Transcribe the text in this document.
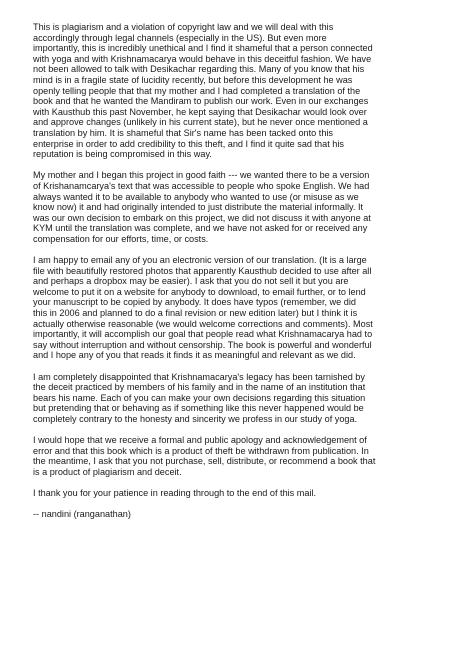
This is plagiarism and a violation of copyright law and we will deal with this
accordingly through legal channels (especially in the US). But even more
importantly, this is incredibly unethical and I find it shameful that a person connected
with yoga and with Krishnamacarya would behave in this deceitful fashion. We have
not been allowed to talk with Desikachar regarding this. Many of you know that his
mind is in a fragile state of lucidity recently, but before this development he was
openly telling people that that my mother and I had completed a translation of the
book and that he wanted the Mandiram to publish our work. Even in our exchanges
with Kausthub this past November, he kept saying that Desikachar would look over
and approve changes (unlikely in his current state), but he never once mentioned a
translation by him. It is shameful that Sir's name has been tacked onto this
enterprise in order to add credibility to this theft, and I find it quite sad that his
reputation is being compromised in this way.

My mother and I began this project in good faith --- we wanted there to be a version
of Krishanamcarya's text that was accessible to people who spoke English. We had
always wanted it to be available to anybody who wanted to use (or misuse as we
know now) it and had originally intended to just distribute the material informally. It
was our own decision to embark on this project, we did not discuss it with anyone at
KYM until the translation was complete, and we have not asked for or received any
compensation for our efforts, time, or costs.

I am happy to email any of you an electronic version of our translation. (It is a large
file with beautifully restored photos that apparently Kausthub decided to use after all
and perhaps a dropbox may be easier). I ask that you do not sell it but you are
welcome to put it on a website for anybody to download, to email further, or to lend
your manuscript to be copied by anybody. It does have typos (remember, we did
this in 2006 and planned to do a final revision or new edition later) but I think it is
actually otherwise reasonable (we would welcome corrections and comments). Most
importantly, it will accomplish our goal that people read what Krishnamacarya had to
say without interruption and without censorship. The book is powerful and wonderful
and I hope any of you that reads it finds it as meaningful and relevant as we did.

I am completely disappointed that Krishnamacarya's legacy has been tarnished by
the deceit practiced by members of his family and in the name of an institution that
bears his name. Each of you can make your own decisions regarding this situation
but pretending that or behaving as if something like this never happened would be
completely contrary to the honesty and sincerity we profess in our study of yoga.

I would hope that we receive a formal and public apology and acknowledgement of
error and that this book which is a product of theft be withdrawn from publication. In
the meantime, I ask that you not purchase, sell, distribute, or recommend a book that
is a product of plagiarism and deceit.

I thank you for your patience in reading through to the end of this mail.

-- nandini (ranganathan)
